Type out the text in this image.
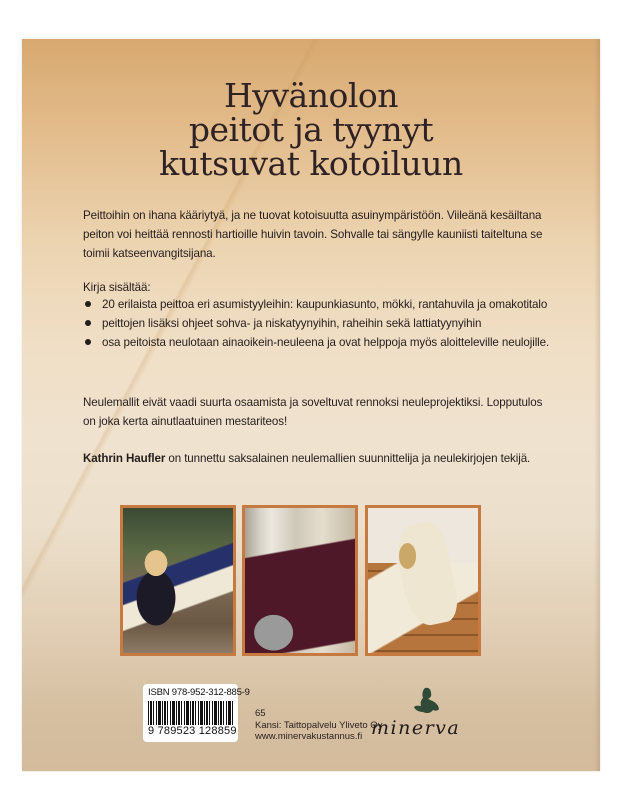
Hyvänolon
peitot ja tyynyt
kutsuvat kotoiluun
Peittoihin on ihana kääriytyä, ja ne tuovat kotoisuutta asuinympäristöön. Viileänä kesäiltana peiton voi heittää rennosti hartioille huivin tavoin. Sohvalle tai sängylle kauniisti taiteltuna se toimii katseenvangitsijana.
Kirja sisältää:
20 erilaista peittoa eri asumistyyleihin: kaupunkiasunto, mökki, rantahuvila ja omakotitalo
peittojen lisäksi ohjeet sohva- ja niskatyynyihin, raheihin sekä lattiatyynyihin
osa peitoista neulotaan ainaoikein-neuleena ja ovat helppoja myös aloitteleville neulojille.
Neulemallit eivät vaadi suurta osaamista ja soveltuvat rennoksi neuleprojektiksi. Lopputulos on joka kerta ainutlaatuinen mestariteos!
Kathrin Haufler on tunnettu saksalainen neulemallien suunnittelija ja neulekirjojen tekijä.
ISBN 978-952-312-885-9
9 789523 128859
65
Kansi: Taittopalvelu Yliveto Oy
www.minervakustannus.fi minerva
